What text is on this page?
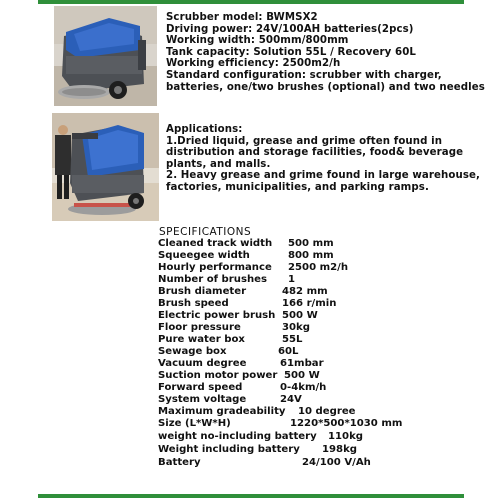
Scrubber model: BWMSX2
Driving power: 24V/100AH batteries(2pcs)
Working width: 500mm/800mm
Tank capacity: Solution 55L / Recovery 60L
Working efficiency: 2500m2/h
Standard configuration: scrubber with charger,
batteries, one/two brushes (optional) and two needles
Applications:
1.Dried liquid, grease and grime often found in
distribution and storage facilities, food& beverage
plants, and malls.
2. Heavy grease and grime found in large warehouse,
factories, municipalities, and parking ramps.
SPECIFICATIONS
Cleaned track width 500 mm
Squeegee width	800 mm
Hourly performance 2500 m2/h
Number of brushes 1
Brush diameter	482 mm
Brush speed	166 r/min
Electric power brush 500 W
Floor pressure	30kg
Pure water box	55L
Sewage box	60L
Vacuum degree	61mbar
Suction motor power 500 W
Forward speed	0-4km/h
System voltage	24V
Maximum gradeability 10 degree
Size (L*W*H)	1220*500*1030 mm
weight no-including battery 110kg
Weight including battery 198kg
Battery	24/100 V/Ah
